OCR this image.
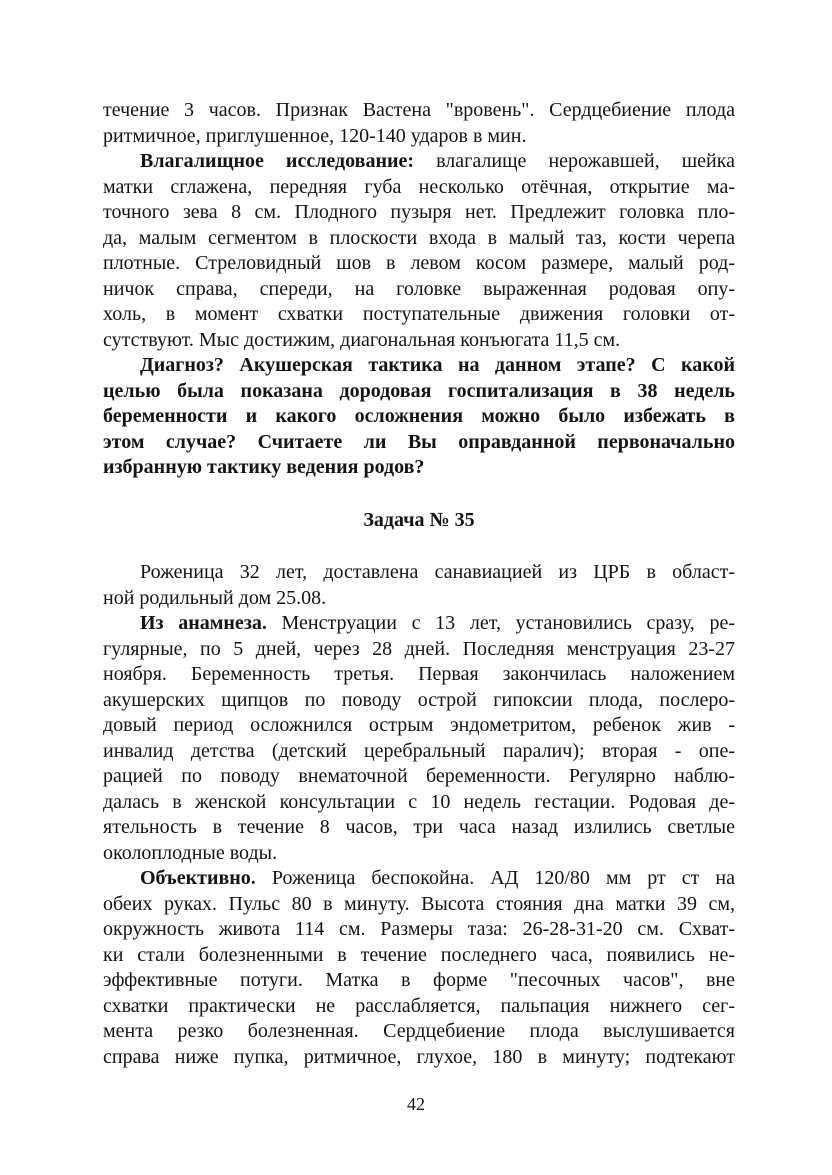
течение 3 часов. Признак Вастена "вровень". Сердцебиение плода
ритмичное, приглушенное, 120-140 ударов в мин.
Влагалищное исследование: влагалище нерожавшей, шейка
матки сглажена, передняя губа несколько отёчная, открытие ма-
точного зева 8 см. Плодного пузыря нет. Предлежит головка пло-
да, малым сегментом в плоскости входа в малый таз, кости черепа
плотные. Стреловидный шов в левом косом размере, малый род-
ничок справа, спереди, на головке выраженная родовая опу-
холь, в момент схватки поступательные движения головки от-
сутствуют. Мыс достижим, диагональная конъюгата 11,5 см.
Диагноз? Акушерская тактика на данном этапе? С какой
целью была показана дородовая госпитализация в 38 недель
беременности и какого осложнения можно было избежать в
этом случае? Считаете ли Вы оправданной первоначально
избранную тактику ведения родов?
Задача № 35
Роженица 32 лет, доставлена санавиацией из ЦРБ в област-
ной родильный дом 25.08.
Из анамнеза. Менструации с 13 лет, установились сразу, ре-
гулярные, по 5 дней, через 28 дней. Последняя менструация 23-27
ноября. Беременность третья. Первая закончилась наложением
акушерских щипцов по поводу острой гипоксии плода, послеро-
довый период осложнился острым эндометритом, ребенок жив -
инвалид детства (детский церебральный паралич); вторая - опе-
рацией по поводу внематочной беременности. Регулярно наблю-
далась в женской консультации с 10 недель гестации. Родовая де-
ятельность в течение 8 часов, три часа назад излились светлые
околоплодные воды.
Объективно. Роженица беспокойна. АД 120/80 мм рт ст на
обеих руках. Пульс 80 в минуту. Высота стояния дна матки 39 см,
окружность живота 114 см. Размеры таза: 26-28-31-20 см. Схват-
ки стали болезненными в течение последнего часа, появились не-
эффективные потуги. Матка в форме "песочных часов", вне
схватки практически не расслабляется, пальпация нижнего сег-
мента резко болезненная. Сердцебиение плода выслушивается
справа ниже пупка, ритмичное, глухое, 180 в минуту; подтекают
42
